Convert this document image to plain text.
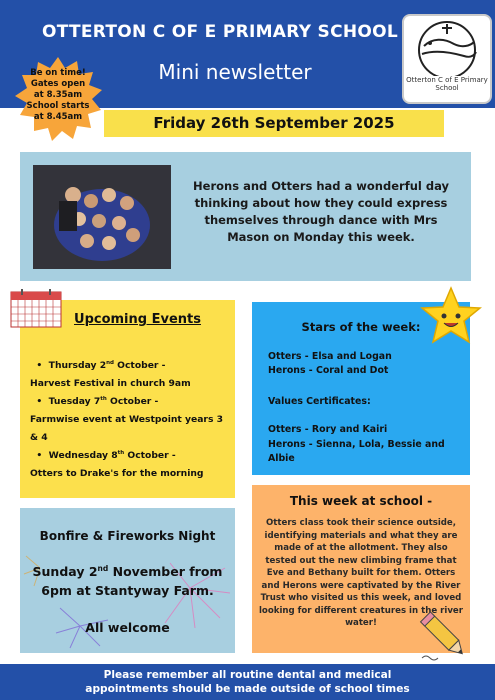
OTTERTON C OF E PRIMARY SCHOOL
Mini newsletter	Otterton C of E Primary School
Be on time!
Gates open
at 8.35am
School starts
at 8.45am	Friday 26th September 2025
Herons and Otters had a wonderful day thinking about how they could express themselves through dance with Mrs Mason on Monday this week.
Upcoming Events
•  Thursday 2nd October -
Harvest Festival in church 9am
•  Tuesday 7th October -
Farmwise event at Westpoint years 3 & 4
•  Wednesday 8th October -
Otters to Drake's for the morning
Stars of the week:
Otters - Elsa and Logan
Herons - Coral and Dot
Values Certificates:
Otters - Rory and Kairi
Herons - Sienna, Lola, Bessie and
Albie
This week at school -
Otters class took their science outside, identifying materials and what they are made of at the allotment. They also tested out the new climbing frame that Eve and Bethany built for them. Otters and Herons were captivated by the River Trust who visited us this week, and loved looking for different creatures in the river water!
Bonfire & Fireworks Night
Sunday 2nd November from
6pm at Stantyway Farm.
All welcome
Please remember all routine dental and medical
appointments should be made outside of school times
